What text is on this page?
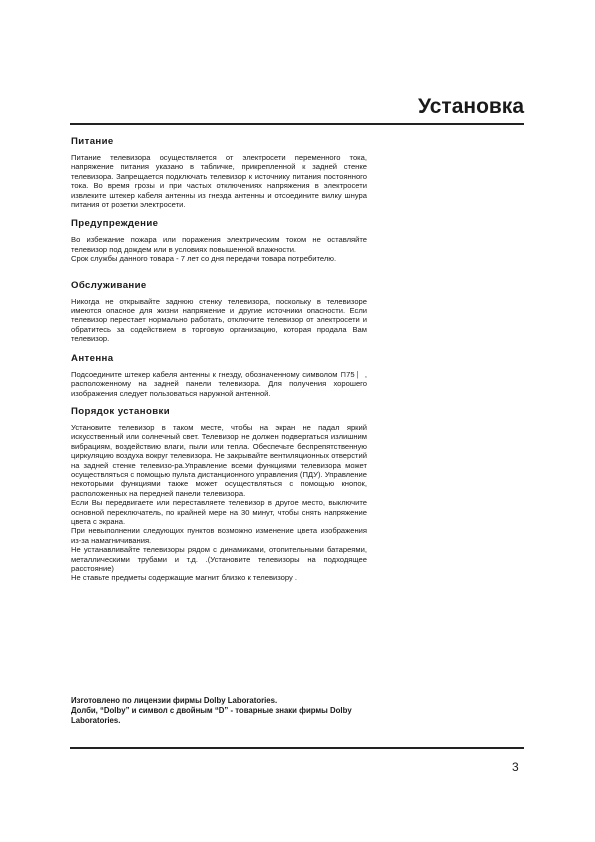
Установка
Питание

Питание телевизора осуществляется от электросети переменного тока, напряжение питания указано в табличке, прикрепленной к задней стенке телевизора. Запрещается подключать телевизор к источнику питания постоянного тока. Во время грозы и при частых отключениях напряжения в электросети извлеките штекер кабеля антенны из гнезда антенны и отсоедините вилку шнура питания от розетки электросети.

Предупреждение

Во избежание пожара или поражения электрическим током не оставляйте телевизор под дождем или в условиях повышенной влажности.

Срок службы данного товара - 7 лет со дня передачи товара потребителю.

Обслуживание

Никогда не открывайте заднюю стенку телевизора, поскольку в телевизоре имеются опасное для жизни напряжение и другие источники опасности. Если телевизор перестает нормально работать, отключите телевизор от электросети и обратитесь за содействием в торговую организацию, которая продала Вам телевизор.

Антенна

Подсоедините штекер кабеля антенны к гнезду, обозначенному символом ⊓75 ⎸, расположенному на задней панели телевизора. Для получения хорошего изображения следует пользоваться наружной антенной.

Порядок установки

Установите телевизор в таком месте, чтобы на экран не падал яркий искусственный или солнечный свет. Телевизор не должен подвергаться излишним вибрациям, воздействию влаги, пыли или тепла. Обеспечьте беспрепятственную циркуляцию воздуха вокруг телевизора. Не закрывайте вентиляционных отверстий на задней стенке телевизо-ра.Управление всеми функциями телевизора может осуществляться с помощью пульта дистанционного управления (ПДУ). Управление некоторыми функциями также может осуществляться с помощью кнопок, расположенных на передней панели телевизора.

Если Вы передвигаете или переставляете телевизор в другое место, выключите основной переключатель, по крайней мере на 30 минут, чтобы снять напряжение цвета с экрана.

При невыполнении следующих пунктов возможно изменение цвета изображения из-за намагничивания.

Не устанавливайте телевизоры рядом с динамиками, отопительными батареями, металлическими трубами и т.д. .(Установите телевизоры на подходящее расстояние)

Не ставьте предметы содержащие магнит близко к телевизору .

Изготовлено по лицензии фирмы Dolby Laboratories.

Долби, “Dolby” и символ с двойным “D” - товарные знаки фирмы Dolby Laboratories.

3
